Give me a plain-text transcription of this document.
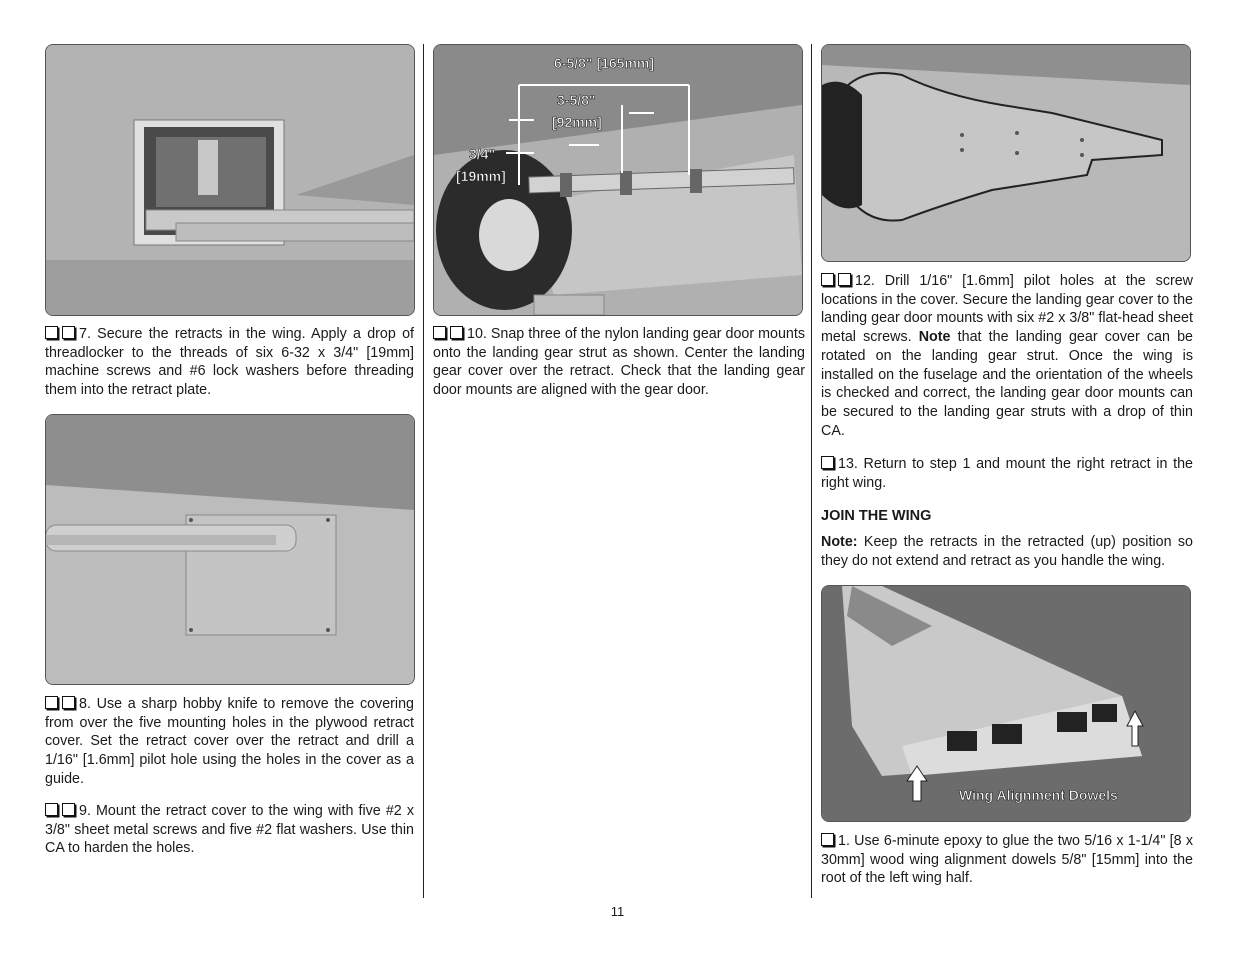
7. Secure the retracts in the wing. Apply a drop of threadlocker to the threads of six 6-32 x 3/4" [19mm] machine screws and #6 lock washers before threading them into the retract plate.

8. Use a sharp hobby knife to remove the covering from over the five mounting holes in the plywood retract cover. Set the retract cover over the retract and drill a 1/16" [1.6mm] pilot hole using the holes in the cover as a guide.

9. Mount the retract cover to the wing with five #2 x 3/8" sheet metal screws and five #2 flat washers. Use thin CA to harden the holes.

6-5/8" [165mm]
3-5/8"
[92mm]
3/4"
[19mm]

10. Snap three of the nylon landing gear door mounts onto the landing gear strut as shown. Center the landing gear cover over the retract. Check that the landing gear door mounts are aligned with the gear door.

12. Drill 1/16" [1.6mm] pilot holes at the screw locations in the cover. Secure the landing gear cover to the landing gear door mounts with six #2 x 3/8" flat-head sheet metal screws. Note that the landing gear cover can be rotated on the landing gear strut. Once the wing is installed on the fuselage and the orientation of the wheels is checked and correct, the landing gear door mounts can be secured to the landing gear struts with a drop of thin CA.

13. Return to step 1 and mount the right retract in the right wing.

JOIN THE WING

Note: Keep the retracts in the retracted (up) position so they do not extend and retract as you handle the wing.

Wing Alignment Dowels

1. Use 6-minute epoxy to glue the two 5/16 x 1-1/4" [8 x 30mm] wood wing alignment dowels 5/8" [15mm] into the root of the left wing half.

11
